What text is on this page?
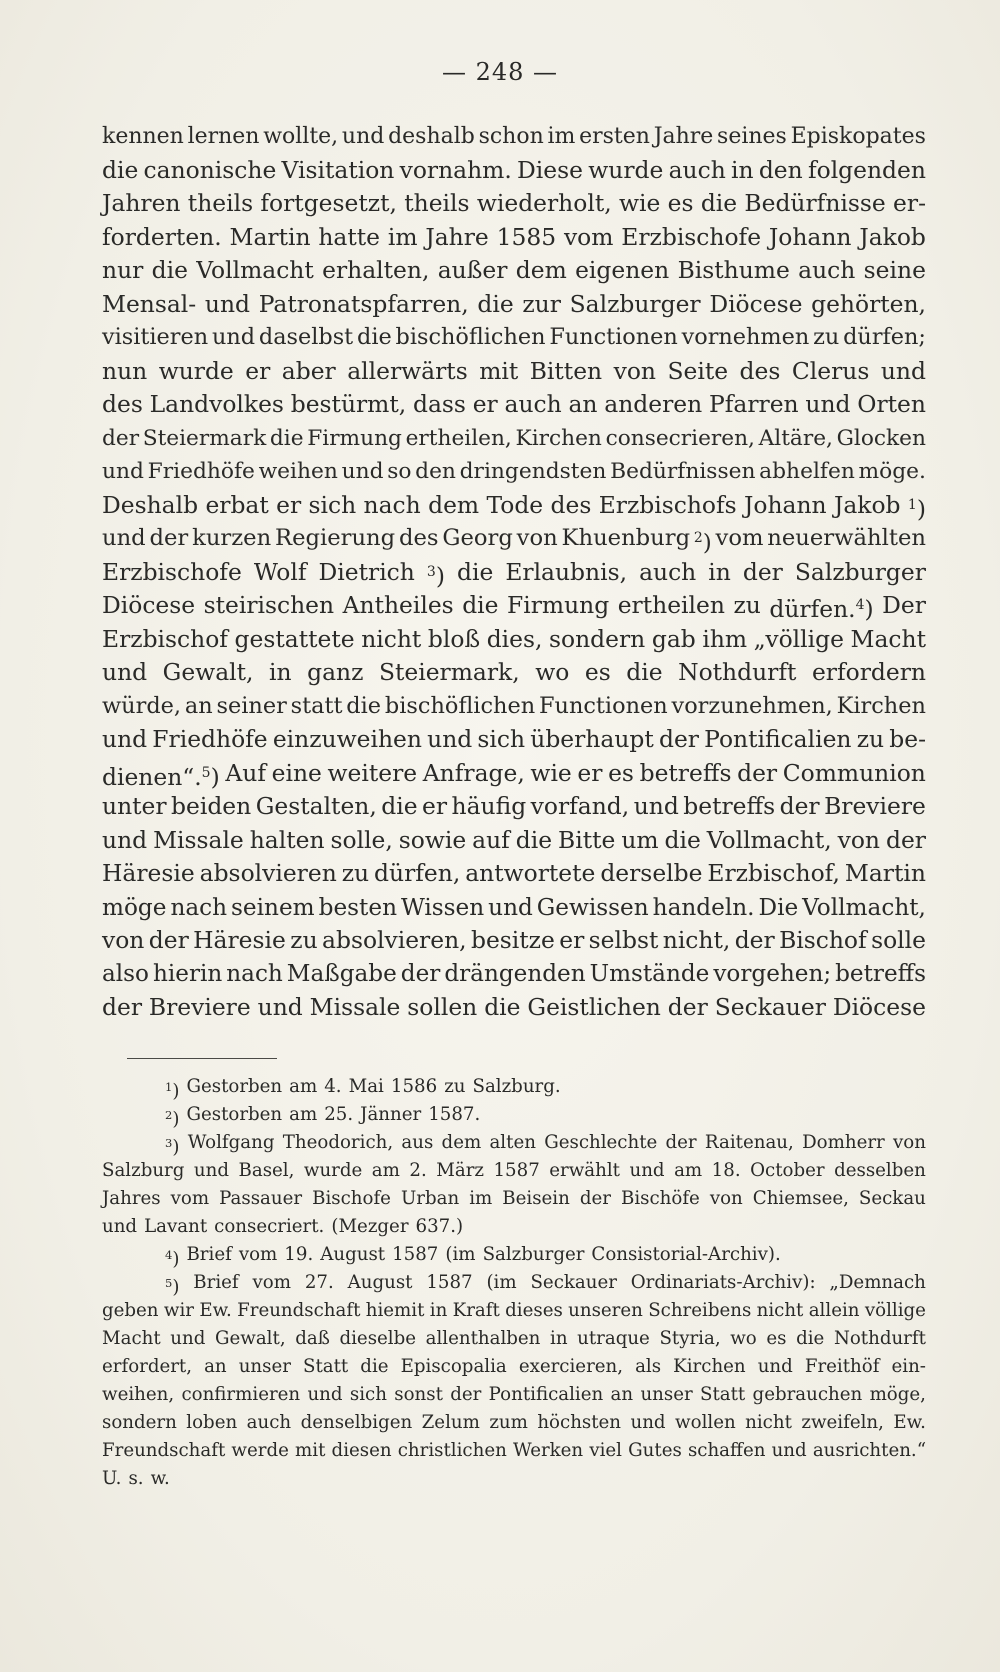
— 248 —
kennen lernen wollte, und deshalb schon im ersten Jahre seines Episkopates
die canonische Visitation vornahm. Diese wurde auch in den folgenden
Jahren theils fortgesetzt, theils wiederholt, wie es die Bedürfnisse er-
forderten. Martin hatte im Jahre 1585 vom Erzbischofe Johann Jakob
nur die Vollmacht erhalten, außer dem eigenen Bisthume auch seine
Mensal- und Patronatspfarren, die zur Salzburger Diöcese gehörten,
visitieren und daselbst die bischöflichen Functionen vornehmen zu dürfen;
nun wurde er aber allerwärts mit Bitten von Seite des Clerus und
des Landvolkes bestürmt, dass er auch an anderen Pfarren und Orten
der Steiermark die Firmung ertheilen, Kirchen consecrieren, Altäre, Glocken
und Friedhöfe weihen und so den dringendsten Bedürfnissen abhelfen möge.
Deshalb erbat er sich nach dem Tode des Erzbischofs Johann Jakob $^1$)
und der kurzen Regierung des Georg von Khuenburg $^2$) vom neuerwählten
Erzbischofe Wolf Dietrich $^3$) die Erlaubnis, auch in der Salzburger
Diöcese steirischen Antheiles die Firmung ertheilen zu dürfen.$^4$) Der
Erzbischof gestattete nicht bloß dies, sondern gab ihm „völlige Macht
und Gewalt, in ganz Steiermark, wo es die Nothdurft erfordern
würde, an seiner statt die bischöflichen Functionen vorzunehmen, Kirchen
und Friedhöfe einzuweihen und sich überhaupt der Pontificalien zu be-
dienen“.$^5$) Auf eine weitere Anfrage, wie er es betreffs der Communion
unter beiden Gestalten, die er häufig vorfand, und betreffs der Breviere
und Missale halten solle, sowie auf die Bitte um die Vollmacht, von der
Häresie absolvieren zu dürfen, antwortete derselbe Erzbischof, Martin
möge nach seinem besten Wissen und Gewissen handeln. Die Vollmacht,
von der Häresie zu absolvieren, besitze er selbst nicht, der Bischof solle
also hierin nach Maßgabe der drängenden Umstände vorgehen; betreffs
der Breviere und Missale sollen die Geistlichen der Seckauer Diöcese
$^1$) Gestorben am 4. Mai 1586 zu Salzburg.
$^2$) Gestorben am 25. Jänner 1587.
$^3$) Wolfgang Theodorich, aus dem alten Geschlechte der Raitenau, Domherr von
Salzburg und Basel, wurde am 2. März 1587 erwählt und am 18. October desselben
Jahres vom Passauer Bischofe Urban im Beisein der Bischöfe von Chiemsee, Seckau
und Lavant consecriert. (Mezger 637.)
$^4$) Brief vom 19. August 1587 (im Salzburger Consistorial-Archiv).
$^5$) Brief vom 27. August 1587 (im Seckauer Ordinariats-Archiv): „Demnach
geben wir Ew. Freundschaft hiemit in Kraft dieses unseren Schreibens nicht allein völlige
Macht und Gewalt, daß dieselbe allenthalben in utraque Styria, wo es die Nothdurft
erfordert, an unser Statt die Episcopalia exercieren, als Kirchen und Freithöf ein-
weihen, confirmieren und sich sonst der Pontificalien an unser Statt gebrauchen möge,
sondern loben auch denselbigen Zelum zum höchsten und wollen nicht zweifeln, Ew.
Freundschaft werde mit diesen christlichen Werken viel Gutes schaffen und ausrichten.“
U. s. w.
